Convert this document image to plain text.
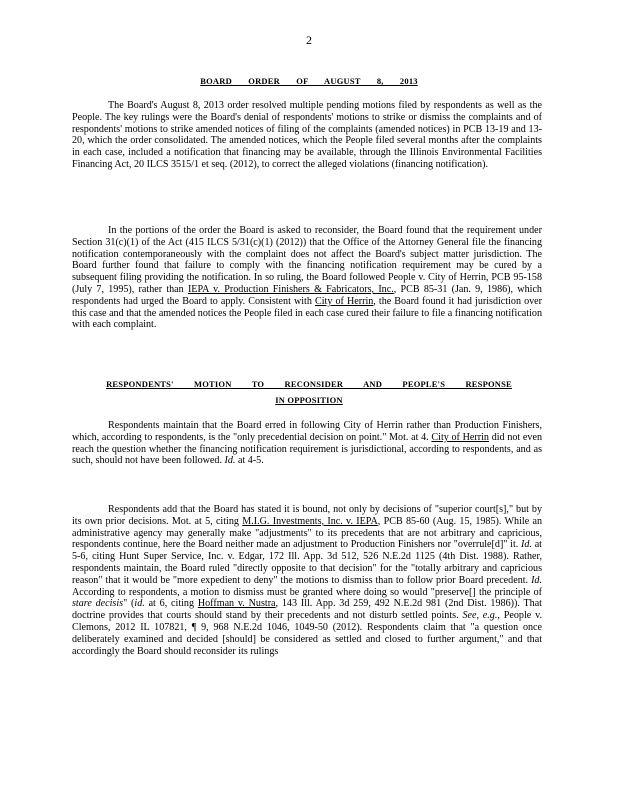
2
BOARD ORDER OF AUGUST 8, 2013

The Board's August 8, 2013 order resolved multiple pending motions filed by respondents as well as the People. The key rulings were the Board's denial of respondents' motions to strike or dismiss the complaints and of respondents' motions to strike amended notices of filing of the complaints (amended notices) in PCB 13-19 and 13-20, which the order consolidated. The amended notices, which the People filed several months after the complaints in each case, included a notification that financing may be available, through the Illinois Environmental Facilities Financing Act, 20 ILCS 3515/1 et seq. (2012), to correct the alleged violations (financing notification).

In the portions of the order the Board is asked to reconsider, the Board found that the requirement under Section 31(c)(1) of the Act (415 ILCS 5/31(c)(1) (2012)) that the Office of the Attorney General file the financing notification contemporaneously with the complaint does not affect the Board's subject matter jurisdiction. The Board further found that failure to comply with the financing notification requirement may be cured by a subsequent filing providing the notification. In so ruling, the Board followed People v. City of Herrin, PCB 95-158 (July 7, 1995), rather than IEPA v. Production Finishers & Fabricators, Inc., PCB 85-31 (Jan. 9, 1986), which respondents had urged the Board to apply. Consistent with City of Herrin, the Board found it had jurisdiction over this case and that the amended notices the People filed in each case cured their failure to file a financing notification with each complaint.

RESPONDENTS' MOTION TO RECONSIDER AND PEOPLE'S RESPONSE
IN OPPOSITION

Respondents maintain that the Board erred in following City of Herrin rather than Production Finishers, which, according to respondents, is the "only precedential decision on point." Mot. at 4. City of Herrin did not even reach the question whether the financing notification requirement is jurisdictional, according to respondents, and as such, should not have been followed. Id. at 4-5.

Respondents add that the Board has stated it is bound, not only by decisions of "superior court[s]," but by its own prior decisions. Mot. at 5, citing M.I.G. Investments, Inc. v. IEPA, PCB 85-60 (Aug. 15, 1985). While an administrative agency may generally make "adjustments" to its precedents that are not arbitrary and capricious, respondents continue, here the Board neither made an adjustment to Production Finishers nor "overrule[d]" it. Id. at 5-6, citing Hunt Super Service, Inc. v. Edgar, 172 Ill. App. 3d 512, 526 N.E.2d 1125 (4th Dist. 1988). Rather, respondents maintain, the Board ruled "directly opposite to that decision" for the "totally arbitrary and capricious reason" that it would be "more expedient to deny" the motions to dismiss than to follow prior Board precedent. Id. According to respondents, a motion to dismiss must be granted where doing so would "preserve[] the principle of stare decisis" (id. at 6, citing Hoffman v. Nustra, 143 Ill. App. 3d 259, 492 N.E.2d 981 (2nd Dist. 1986)). That doctrine provides that courts should stand by their precedents and not disturb settled points. See, e.g., People v. Clemons, 2012 IL 107821, ¶ 9, 968 N.E.2d 1046, 1049-50 (2012). Respondents claim that "a question once deliberately examined and decided [should] be considered as settled and closed to further argument," and that accordingly the Board should reconsider its rulings
